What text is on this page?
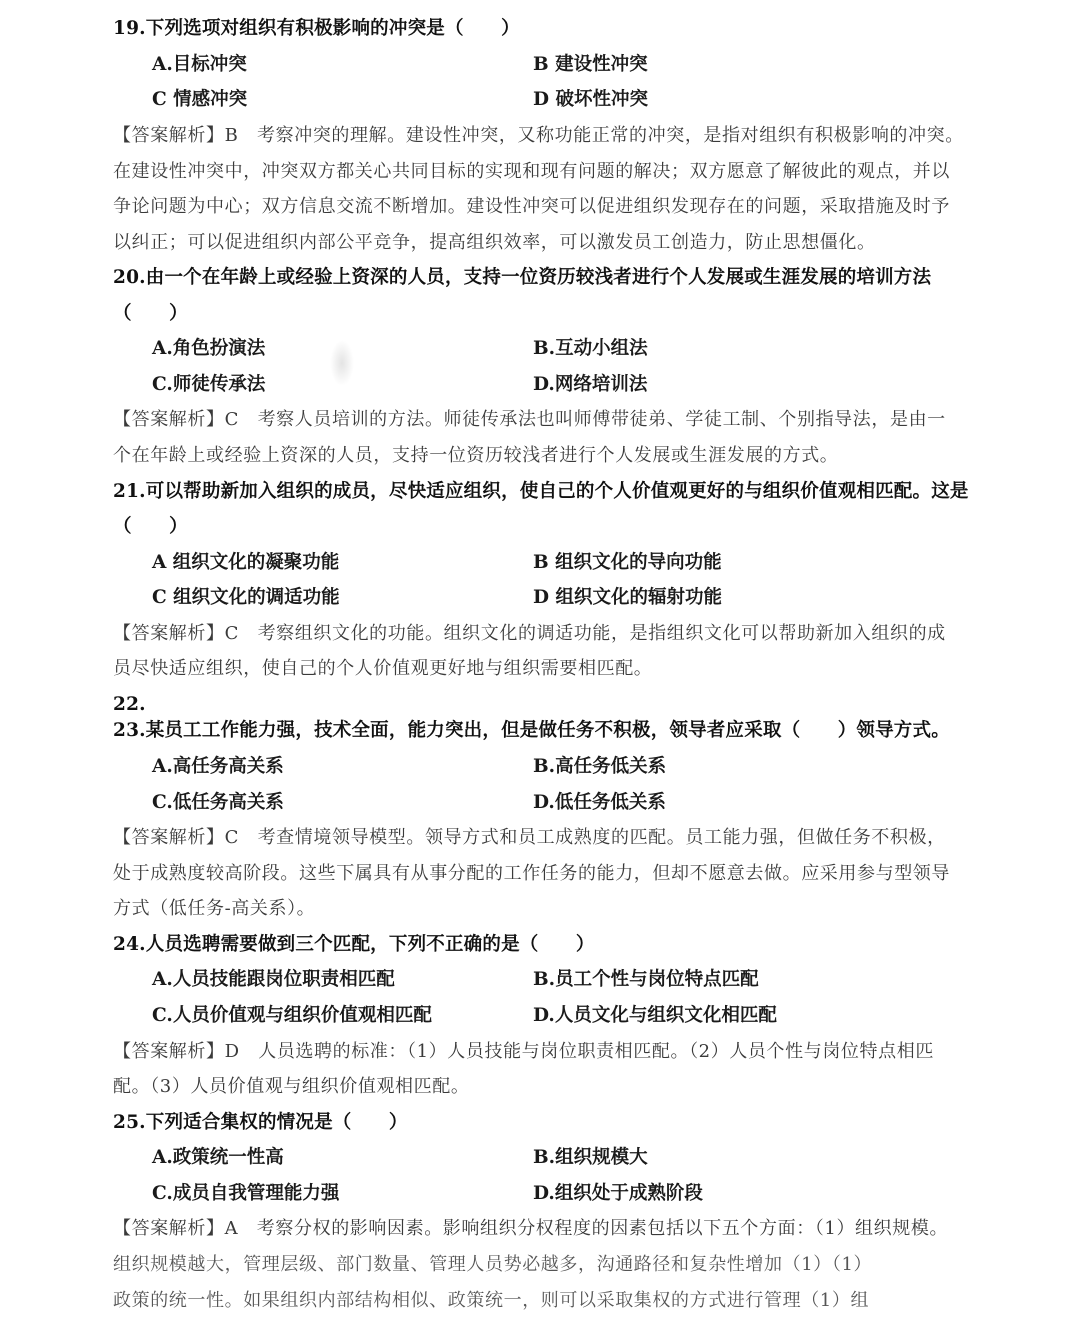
19.下列选项对组织有积极影响的冲突是（　　）
A.目标冲突	B 建设性冲突
C 情感冲突	D 破坏性冲突
【答案解析】B　考察冲突的理解。建设性冲突，又称功能正常的冲突，是指对组织有积极影响的冲突。
在建设性冲突中，冲突双方都关心共同目标的实现和现有问题的解决；双方愿意了解彼此的观点，并以
争论问题为中心；双方信息交流不断增加。建设性冲突可以促进组织发现存在的问题，采取措施及时予
以纠正；可以促进组织内部公平竞争，提高组织效率，可以激发员工创造力，防止思想僵化。
20.由一个在年龄上或经验上资深的人员，支持一位资历较浅者进行个人发展或生涯发展的培训方法
（　　）
A.角色扮演法	B.互动小组法
C.师徒传承法	D.网络培训法
【答案解析】C　考察人员培训的方法。师徒传承法也叫师傅带徒弟、学徒工制、个别指导法，是由一
个在年龄上或经验上资深的人员，支持一位资历较浅者进行个人发展或生涯发展的方式。
21.可以帮助新加入组织的成员，尽快适应组织，使自己的个人价值观更好的与组织价值观相匹配。这是
（　　）
A 组织文化的凝聚功能	B 组织文化的导向功能
C 组织文化的调适功能	D 组织文化的辐射功能
【答案解析】C　考察组织文化的功能。组织文化的调适功能，是指组织文化可以帮助新加入组织的成
员尽快适应组织，使自己的个人价值观更好地与组织需要相匹配。
22.
23.某员工工作能力强，技术全面，能力突出，但是做任务不积极，领导者应采取（　　）领导方式。
A.高任务高关系	B.高任务低关系
C.低任务高关系	D.低任务低关系
【答案解析】C　考查情境领导模型。领导方式和员工成熟度的匹配。员工能力强，但做任务不积极，
处于成熟度较高阶段。这些下属具有从事分配的工作任务的能力，但却不愿意去做。应采用参与型领导
方式（低任务-高关系）。
24.人员选聘需要做到三个匹配，下列不正确的是（　　）
A.人员技能跟岗位职责相匹配	B.员工个性与岗位特点匹配
C.人员价值观与组织价值观相匹配	D.人员文化与组织文化相匹配
【答案解析】D　人员选聘的标准：（1）人员技能与岗位职责相匹配。（2）人员个性与岗位特点相匹
配。（3）人员价值观与组织价值观相匹配。
25.下列适合集权的情况是（　　）
A.政策统一性高	B.组织规模大
C.成员自我管理能力强	D.组织处于成熟阶段
【答案解析】A　考察分权的影响因素。影响组织分权程度的因素包括以下五个方面：（1）组织规模。
组织规模越大，管理层级、部门数量、管理人员势必越多，沟通路径和复杂性增加（1）（1）
政策的统一性。如果组织内部结构相似、政策统一，则可以采取集权的方式进行管理（1）组
